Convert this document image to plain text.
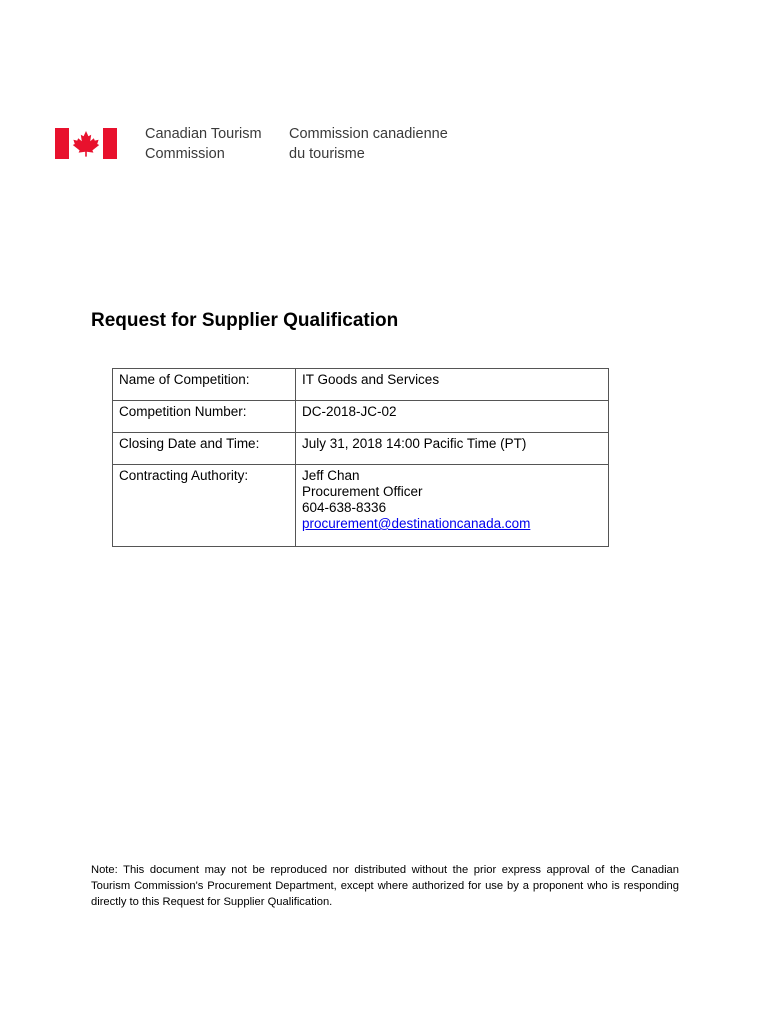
Canadian Tourism
Commission
Commission canadienne
du tourisme
Request for Supplier Qualification
Name of Competition:	IT Goods and Services
Competition Number:	DC-2018-JC-02
Closing Date and Time:	July 31, 2018 14:00 Pacific Time (PT)
Contracting Authority:	Jeff Chan
Procurement Officer
604-638-8336
procurement@destinationcanada.com

Note: This document may not be reproduced nor distributed without the prior express approval of the Canadian Tourism Commission's Procurement Department, except where authorized for use by a proponent who is responding directly to this Request for Supplier Qualification.
